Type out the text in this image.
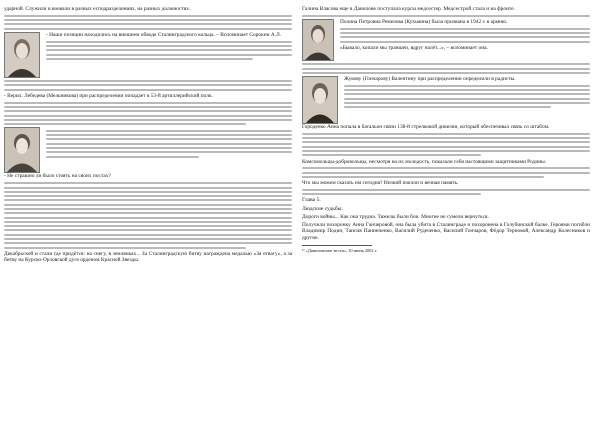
ударной. Служили и воевали в разных есподразделениях, на разных должностях.

- Наши позиции находились на внешнем обводе Сталинградского кольца. – Вспоминает Сорокин А.Л.

- Верил. Лебедева (Мельникова) при распределении попадает в 53-й артиллерийский полк.

- Не страшно ли было стоять на своих постах?

Декабрьской и стали где придётся: на снегу, в землянках... За Сталинградскую битву награждена медалью «За отвагу», а за битву на Курско-Орловской дуге орденом Красной Звезды.

Галина Власова еще в Данилове поступала курсы медсестер. Медсестрой стала и на фронте.

Полина Петровна Ремизова (Кузьмина) была призвана в 1942 г. в армию.

«Бывало, копали мы траншеи, вдруг налёт...», – вспоминает она.

Жукову (Гончарову) Валентину при распределении определили в радисты.

Городенко Анна попала в батальон связи 138-й стрелковой дивизии, который обеспечивал связь со штабом.

Комсомольцы-добровольцы, несмотря на их молодость, показали себя настоящими защитниками Родины.

Что мы можем сказать им сегодня? Низкий поклон и вечная память.

Глава 5.

Людские судьбы.

Дороги войны... Как она трудна. Тяжелы были бои. Многие не сумели вернуться.

Получили похоронку Анна Ганчеровой, она была убита в Сталинграде и похоронена в Голубинской балке. Героями погибли Владимир Подин, Таисия Панинченко, Василий Рудеченко, Василий Гончаров, Фёдор Терновой, Александр Колесников и другие.

¹¹ «Даниловские вести», 10 июня 2002 г.
